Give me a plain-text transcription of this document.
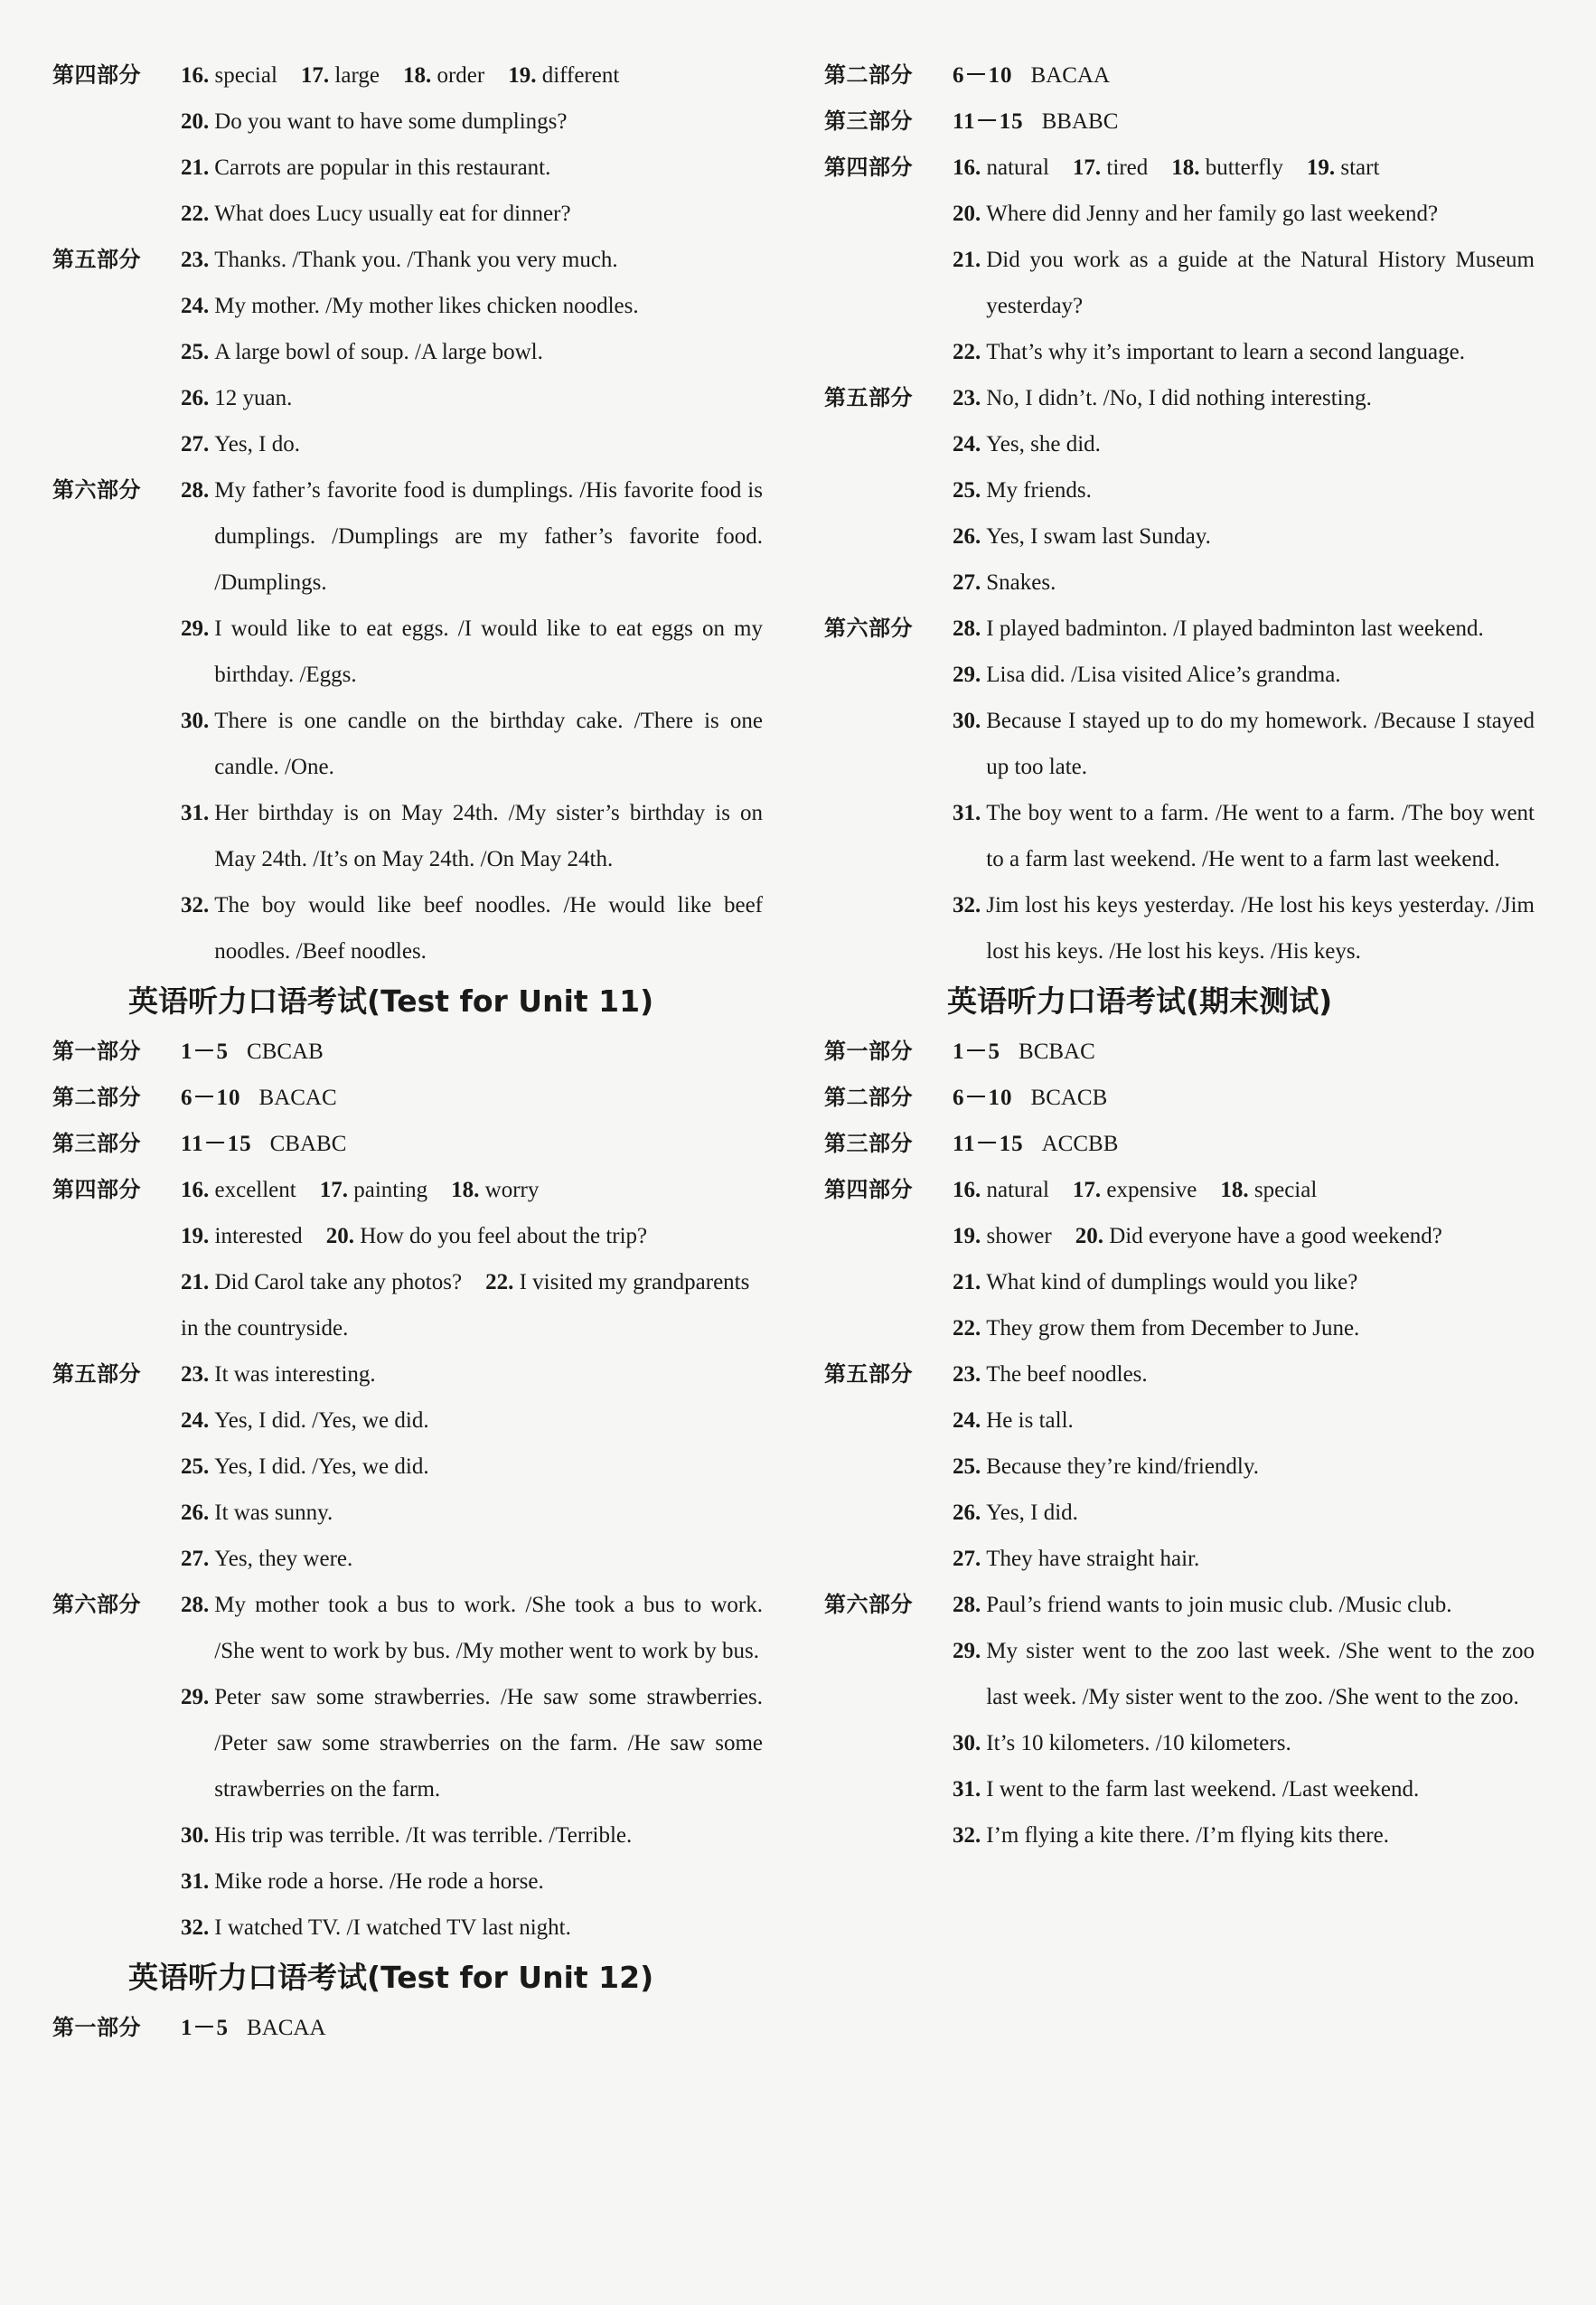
第四部分	16. special 17. large 18. order 19. different
20. Do you want to have some dumplings?
21. Carrots are popular in this restaurant.
22. What does Lucy usually eat for dinner?
第五部分	23. Thanks. /Thank you. /Thank you very much.
24. My mother. /My mother likes chicken noodles.
25. A large bowl of soup. /A large bowl.
26. 12 yuan.
27. Yes, I do.
第六部分	28. My father’s favorite food is dumplings. /His favorite food is dumplings. /Dumplings are my father’s favorite food. /Dumplings.
29. I would like to eat eggs. /I would like to eat eggs on my birthday. /Eggs.
30. There is one candle on the birthday cake. /There is one candle. /One.
31. Her birthday is on May 24th. /My sister’s birthday is on May 24th. /It’s on May 24th. /On May 24th.
32. The boy would like beef noodles. /He would like beef noodles. /Beef noodles.
英语听力口语考试(Test for Unit 11)
第一部分	1－5 CBCAB
第二部分	6－10 BACAC
第三部分	11－15 CBABC
第四部分	16. excellent 17. painting 18. worry
19. interested 20. How do you feel about the trip?
21. Did Carol take any photos? 22. I visited my grandparents in the countryside.
第五部分	23. It was interesting.
24. Yes, I did. /Yes, we did.
25. Yes, I did. /Yes, we did.
26. It was sunny.
27. Yes, they were.
第六部分	28. My mother took a bus to work. /She took a bus to work. /She went to work by bus. /My mother went to work by bus.
29. Peter saw some strawberries. /He saw some strawberries. /Peter saw some strawberries on the farm. /He saw some strawberries on the farm.
30. His trip was terrible. /It was terrible. /Terrible.
31. Mike rode a horse. /He rode a horse.
32. I watched TV. /I watched TV last night.
英语听力口语考试(Test for Unit 12)
第一部分	1－5 BACAA
第二部分	6－10 BACAA
第三部分	11－15 BBABC
第四部分	16. natural 17. tired 18. butterfly 19. start
20. Where did Jenny and her family go last weekend?
21. Did you work as a guide at the Natural History Museum yesterday?
22. That’s why it’s important to learn a second language.
第五部分	23. No, I didn’t. /No, I did nothing interesting.
24. Yes, she did.
25. My friends.
26. Yes, I swam last Sunday.
27. Snakes.
第六部分	28. I played badminton. /I played badminton last weekend.
29. Lisa did. /Lisa visited Alice’s grandma.
30. Because I stayed up to do my homework. /Because I stayed up too late.
31. The boy went to a farm. /He went to a farm. /The boy went to a farm last weekend. /He went to a farm last weekend.
32. Jim lost his keys yesterday. /He lost his keys yesterday. /Jim lost his keys. /He lost his keys. /His keys.
英语听力口语考试(期末测试)
第一部分	1－5 BCBAC
第二部分	6－10 BCACB
第三部分	11－15 ACCBB
第四部分	16. natural 17. expensive 18. special
19. shower 20. Did everyone have a good weekend?
21. What kind of dumplings would you like?
22. They grow them from December to June.
第五部分	23. The beef noodles.
24. He is tall.
25. Because they’re kind/friendly.
26. Yes, I did.
27. They have straight hair.
第六部分	28. Paul’s friend wants to join music club. /Music club.
29. My sister went to the zoo last week. /She went to the zoo last week. /My sister went to the zoo. /She went to the zoo.
30. It’s 10 kilometers. /10 kilometers.
31. I went to the farm last weekend. /Last weekend.
32. I’m flying a kite there. /I’m flying kits there.
